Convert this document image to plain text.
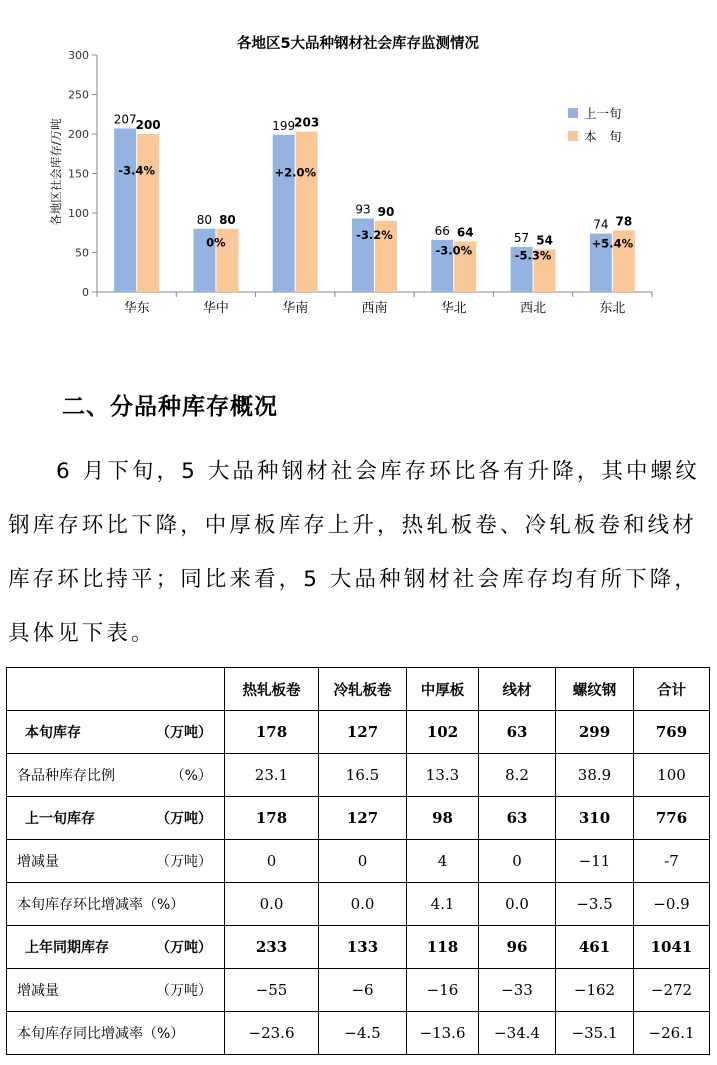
各地区5大品种钢材社会库存监测情况
0
50
100
150
200
250
300
各地区社会库存/万吨	207 200
-3.4%
华东
80 80
0%
华中
199 203
+2.0%
华南
93 90
-3.2%
西南
66 64
-3.0%
华北
57 54
-5.3%
西北
74 78
+5.4%
东北
上一旬
本　旬
二、分品种库存概况

6 月下旬，5 大品种钢材社会库存环比各有升降，其中螺纹钢库存环比下降，中厚板库存上升，热轧板卷、冷轧板卷和线材库存环比持平；同比来看，5 大品种钢材社会库存均有所下降，具体见下表。

	热轧板卷	冷轧板卷	中厚板	线材	螺纹钢	合计

本旬库存 （万吨）	178	127	102	63	299	769

各品种库存比例 （%）	23.1	16.5	13.3	8.2	38.9	100

上一旬库存 （万吨）	178	127	98	63	310	776

增减量 （万吨）	0	0	4	0	−11	-7

本旬库存环比增减率（%）	0.0	0.0	4.1	0.0	−3.5	−0.9

上年同期库存 （万吨）	233	133	118	96	461	1041

增减量 （万吨）	−55	−6	−16	−33	−162	−272

本旬库存同比增减率（%）	−23.6	−4.5	−13.6	−34.4	−35.1	−26.1
